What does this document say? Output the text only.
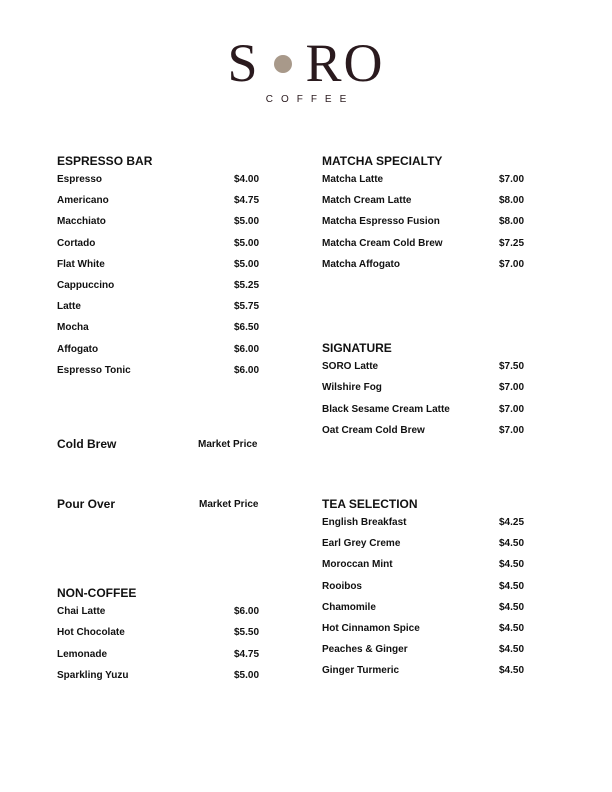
S RO
COFFEE
ESPRESSO BAR
Espresso	$4.00
Americano	$4.75
Macchiato	$5.00
Cortado	$5.00
Flat White	$5.00
Cappuccino	$5.25
Latte	$5.75
Mocha	$6.50
Affogato	$6.00
Espresso Tonic	$6.00
Cold Brew	Market Price
Pour Over	Market Price
NON-COFFEE
Chai Latte	$6.00
Hot Chocolate	$5.50
Lemonade	$4.75
Sparkling Yuzu	$5.00
MATCHA SPECIALTY
Matcha Latte	$7.00
Match Cream Latte	$8.00
Matcha Espresso Fusion	$8.00
Matcha Cream Cold Brew	$7.25
Matcha Affogato	$7.00
SIGNATURE
SORO Latte	$7.50
Wilshire Fog	$7.00
Black Sesame Cream Latte	$7.00
Oat Cream Cold Brew	$7.00
TEA SELECTION
English Breakfast	$4.25
Earl Grey Creme	$4.50
Moroccan Mint	$4.50
Rooibos	$4.50
Chamomile	$4.50
Hot Cinnamon Spice	$4.50
Peaches & Ginger	$4.50
Ginger Turmeric	$4.50
